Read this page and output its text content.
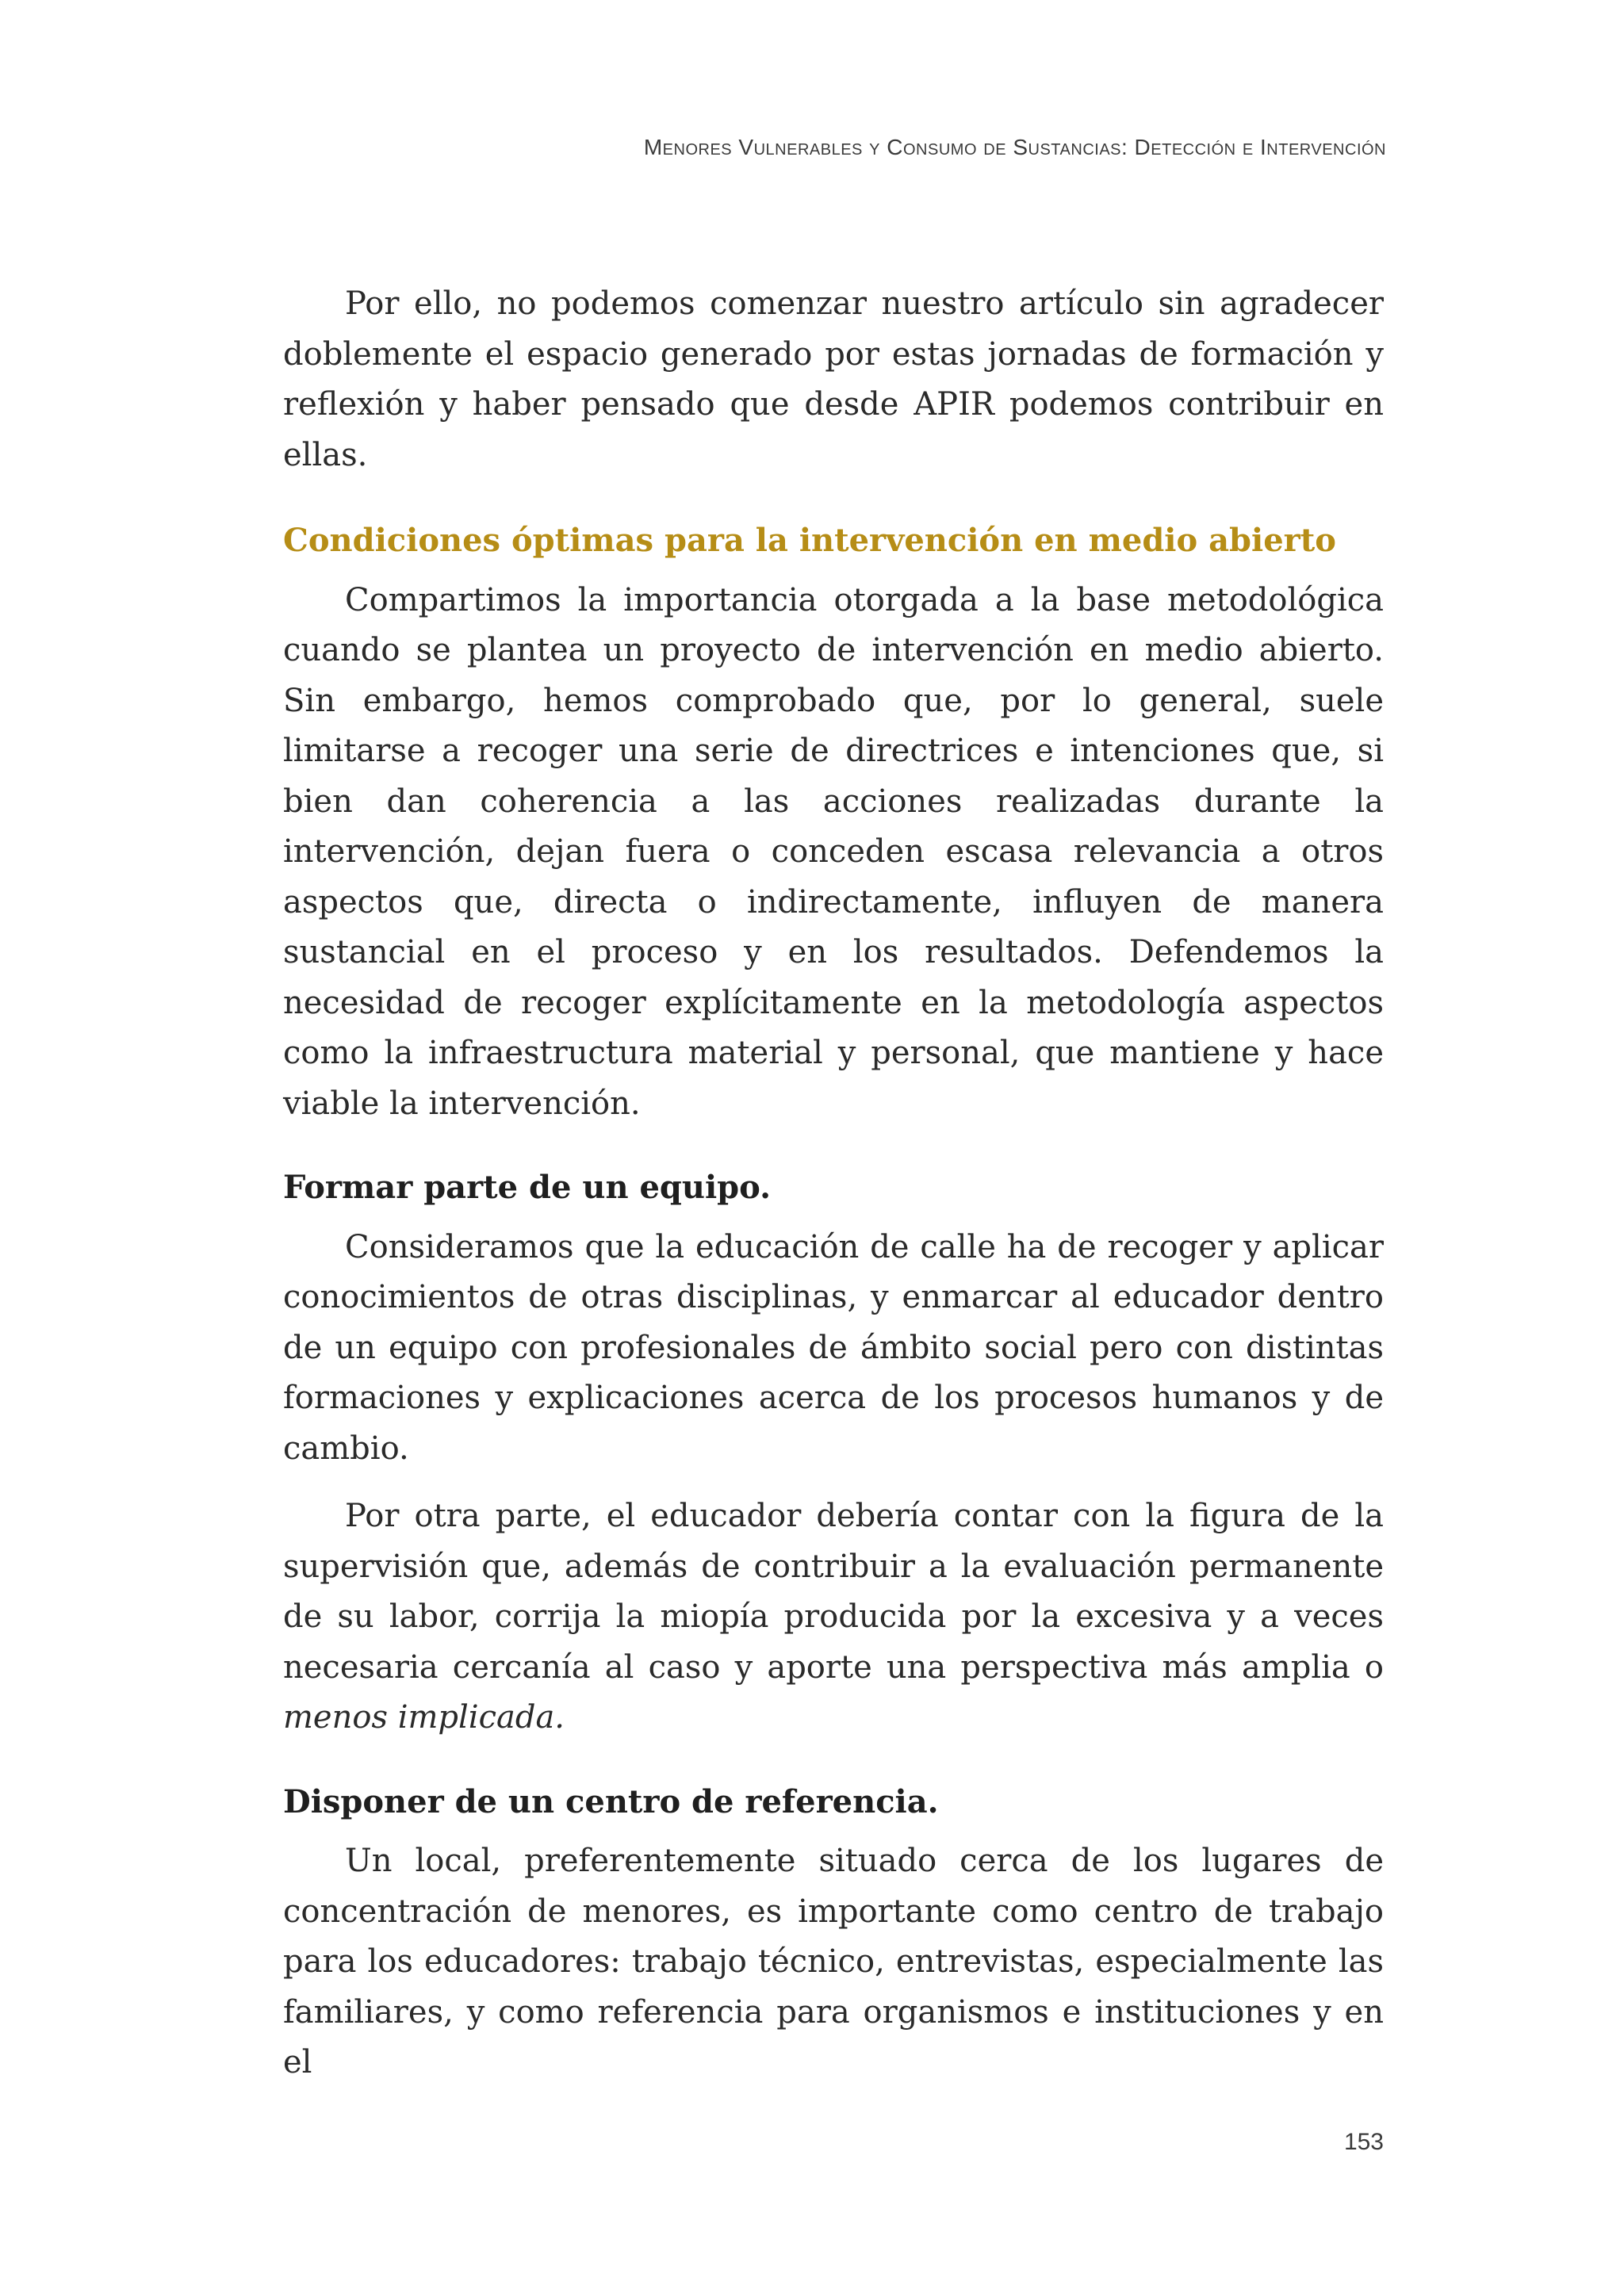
Menores Vulnerables y Consumo de Sustancias: Detección e Intervención

Por ello, no podemos comenzar nuestro artículo sin agradecer doblemente el espacio generado por estas jornadas de formación y reflexión y haber pensado que desde APIR podemos contribuir en ellas.

Condiciones óptimas para la intervención en medio abierto

Compartimos la importancia otorgada a la base metodológica cuando se plantea un proyecto de intervención en medio abierto. Sin embargo, hemos comprobado que, por lo general, suele limitarse a recoger una serie de directrices e intenciones que, si bien dan coherencia a las acciones realizadas durante la intervención, dejan fuera o conceden escasa relevancia a otros aspectos que, directa o indirectamente, influyen de manera sustancial en el proceso y en los resultados. Defendemos la necesidad de recoger explícitamente en la metodología aspectos como la infraestructura material y personal, que mantiene y hace viable la intervención.

Formar parte de un equipo.

Consideramos que la educación de calle ha de recoger y aplicar conocimientos de otras disciplinas, y enmarcar al educador dentro de un equipo con profesionales de ámbito social pero con distintas formaciones y explicaciones acerca de los procesos humanos y de cambio.

Por otra parte, el educador debería contar con la figura de la supervisión que, además de contribuir a la evaluación permanente de su labor, corrija la miopía producida por la excesiva y a veces necesaria cercanía al caso y aporte una perspectiva más amplia o menos implicada.

Disponer de un centro de referencia.

Un local, preferentemente situado cerca de los lugares de concentración de menores, es importante como centro de trabajo para los educadores: trabajo técnico, entrevistas, especialmente las familiares, y como referencia para organismos e instituciones y en el

153
